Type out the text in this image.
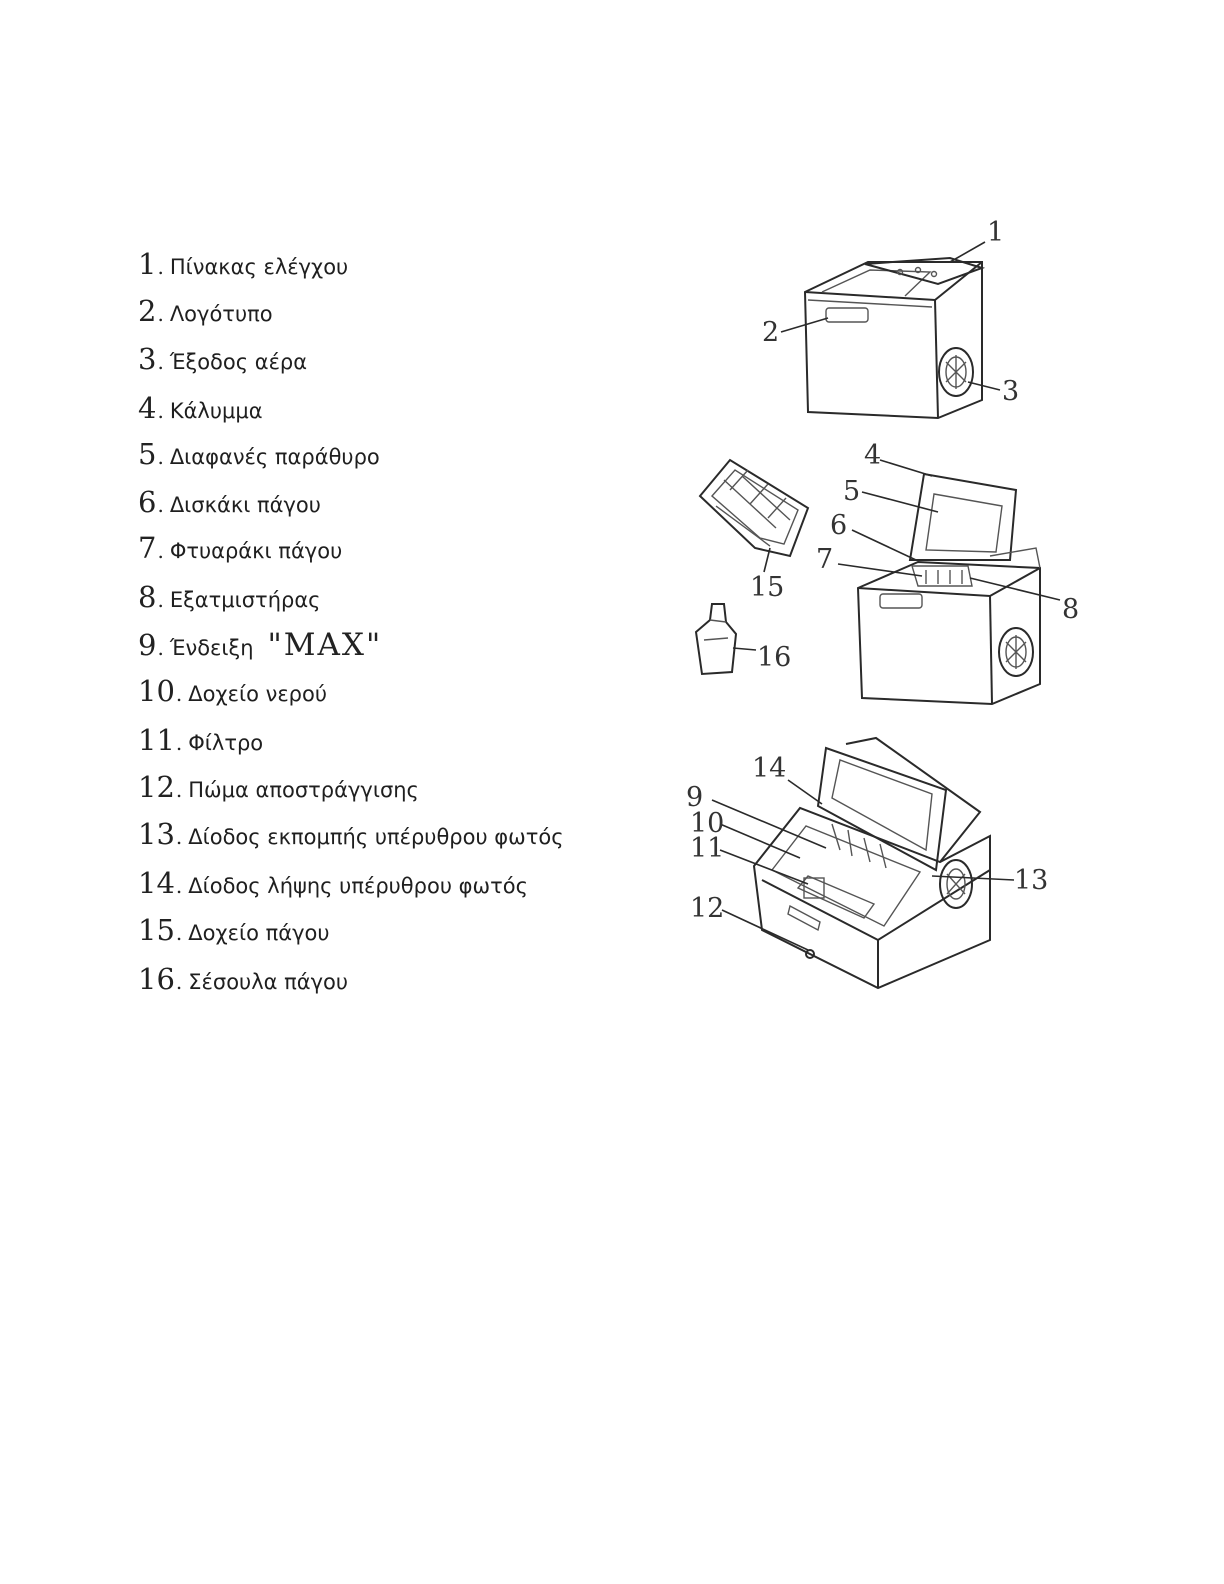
1 . Πίνακας ελέγχου
2 . Λογότυπο
3 . Έξοδος αέρα
4 . Κάλυμμα
5 . Διαφανές παράθυρο
6 . Δισκάκι πάγου
7 . Φτυαράκι πάγου
8 . Εξατμιστήρας
9 . Ένδειξη "MAX"
10 . Δοχείο νερού
11 . Φίλτρο
12 . Πώμα αποστράγγισης
13 . Δίοδος εκπομπής υπέρυθρου φωτός
14 . Δίοδος λήψης υπέρυθρου φωτός
15 . Δοχείο πάγου
16 . Σέσουλα πάγου
1
2
3
4
5
6
7
8
9
10
11
12
13
14
15
16
